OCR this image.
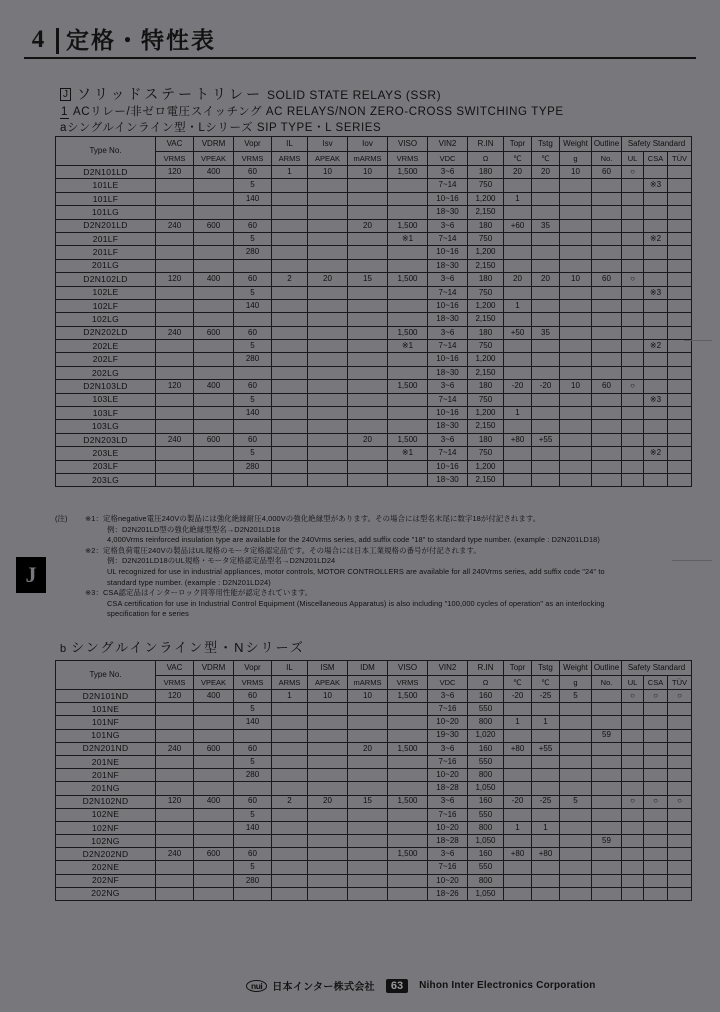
4 定格・特性表
J ソリッドステートリレー SOLID STATE RELAYS (SSR)
1 ACリレー/非ゼロ電圧スイッチング AC RELAYS/NON ZERO-CROSS SWITCHING TYPE
aシングルインライン型・Lシリーズ SIP TYPE・L SERIES
Type No.	VAC	VDRM	Vopr	IL	Isv	Iov	VISO	VIN2	R.IN	Topr	Tstg	Weight	Outline	Safety Standard		
	VRMS	VPEAK	VRMS	ARMS	APEAK	mARMS	VRMS	VDC	Ω	℃	℃	g	No.	UL	CSA	TÜV
D2N101LD	120	400	60	1	10	10	1,500	3~6	180	20	20	10	60	○		
101LE			5					7~14	750						※3	
101LF			140					10~16	1,200	1						
101LG								18~30	2,150							
D2N201LD	240	600	60			20	1,500	3~6	180	+60	35					
201LF			5				※1	7~14	750						※2	
201LF			280					10~16	1,200							
201LG								18~30	2,150							
D2N102LD	120	400	60	2	20	15	1,500	3~6	180	20	20	10	60	○		
102LE			5					7~14	750						※3	
102LF			140					10~16	1,200	1						
102LG								18~30	2,150							
D2N202LD	240	600	60				1,500	3~6	180	+50	35					
202LE			5				※1	7~14	750						※2	
202LF			280					10~16	1,200							
202LG								18~30	2,150							
D2N103LD	120	400	60				1,500	3~6	180	-20	-20	10	60	○		
103LE			5					7~14	750						※3	
103LF			140					10~16	1,200	1						
103LG								18~30	2,150							
D2N203LD	240	600	60			20	1,500	3~6	180	+80	+55					
203LE			5				※1	7~14	750						※2	
203LF			280					10~16	1,200							
203LG								18~30	2,150							
(注) ※1：定格negative電圧240Vの製品には強化絶縁耐圧4,000Vの強化絶縁型があります。その場合には型名末尾に数字18が付記されます。
例：D2N201LD型の強化絶縁型型名→D2N201LD18
4,000Vrms reinforced insulation type are available for the 240Vrms series, add suffix code "18" to standard type number. (example : D2N201LD18)
※2：定格負荷電圧240Vの製品はUL規格のモータ定格認定品です。その場合には日本工業規格の番号が付記されます。
例：D2N201LD18のUL規格・モータ定格認定品型名→D2N201LD24
UL recognized for use in industrial appliances, motor controls, MOTOR CONTROLLERS are available for all 240Vrms series, add suffix code "24" to
standard type number. (example : D2N201LD24)
※3：CSA認定品はインターロック同等用性能が認定されています。
CSA certification for use in Industrial Control Equipment (Miscellaneous Apparatus) is also including "100,000 cycles of operation" as an interlocking
specification for e series
J
b シングルインライン型・Nシリーズ
Type No.	VAC	VDRM	Vopr	IL	ISM	IDM	VISO	VIN2	R.IN	Topr	Tstg	Weight	Outline	Safety Standard		
	VRMS	VPEAK	VRMS	ARMS	APEAK	mARMS	VRMS	VDC	Ω	℃	℃	g	No.	UL	CSA	TÜV
D2N101ND	120	400	60	1	10	10	1,500	3~6	160	-20	-25	5		○	○	○
101NE			5					7~16	550							
101NF			140					10~20	800	1	1					
101NG								19~30	1,020				59			
D2N201ND	240	600	60			20	1,500	3~6	160	+80	+55					
201NE			5					7~16	550							
201NF			280					10~20	800							
201NG								18~28	1,050							
D2N102ND	120	400	60	2	20	15	1,500	3~6	160	-20	-25	5		○	○	○
102NE			5					7~16	550							
102NF			140					10~20	800	1	1					
102NG								18~28	1,050				59			
D2N202ND	240	600	60				1,500	3~6	160	+80	+80					
202NE			5					7~16	550							
202NF			280					10~20	800							
202NG								18~26	1,050							
nui	日本インター株式会社	63	Nihon Inter Electronics Corporation
